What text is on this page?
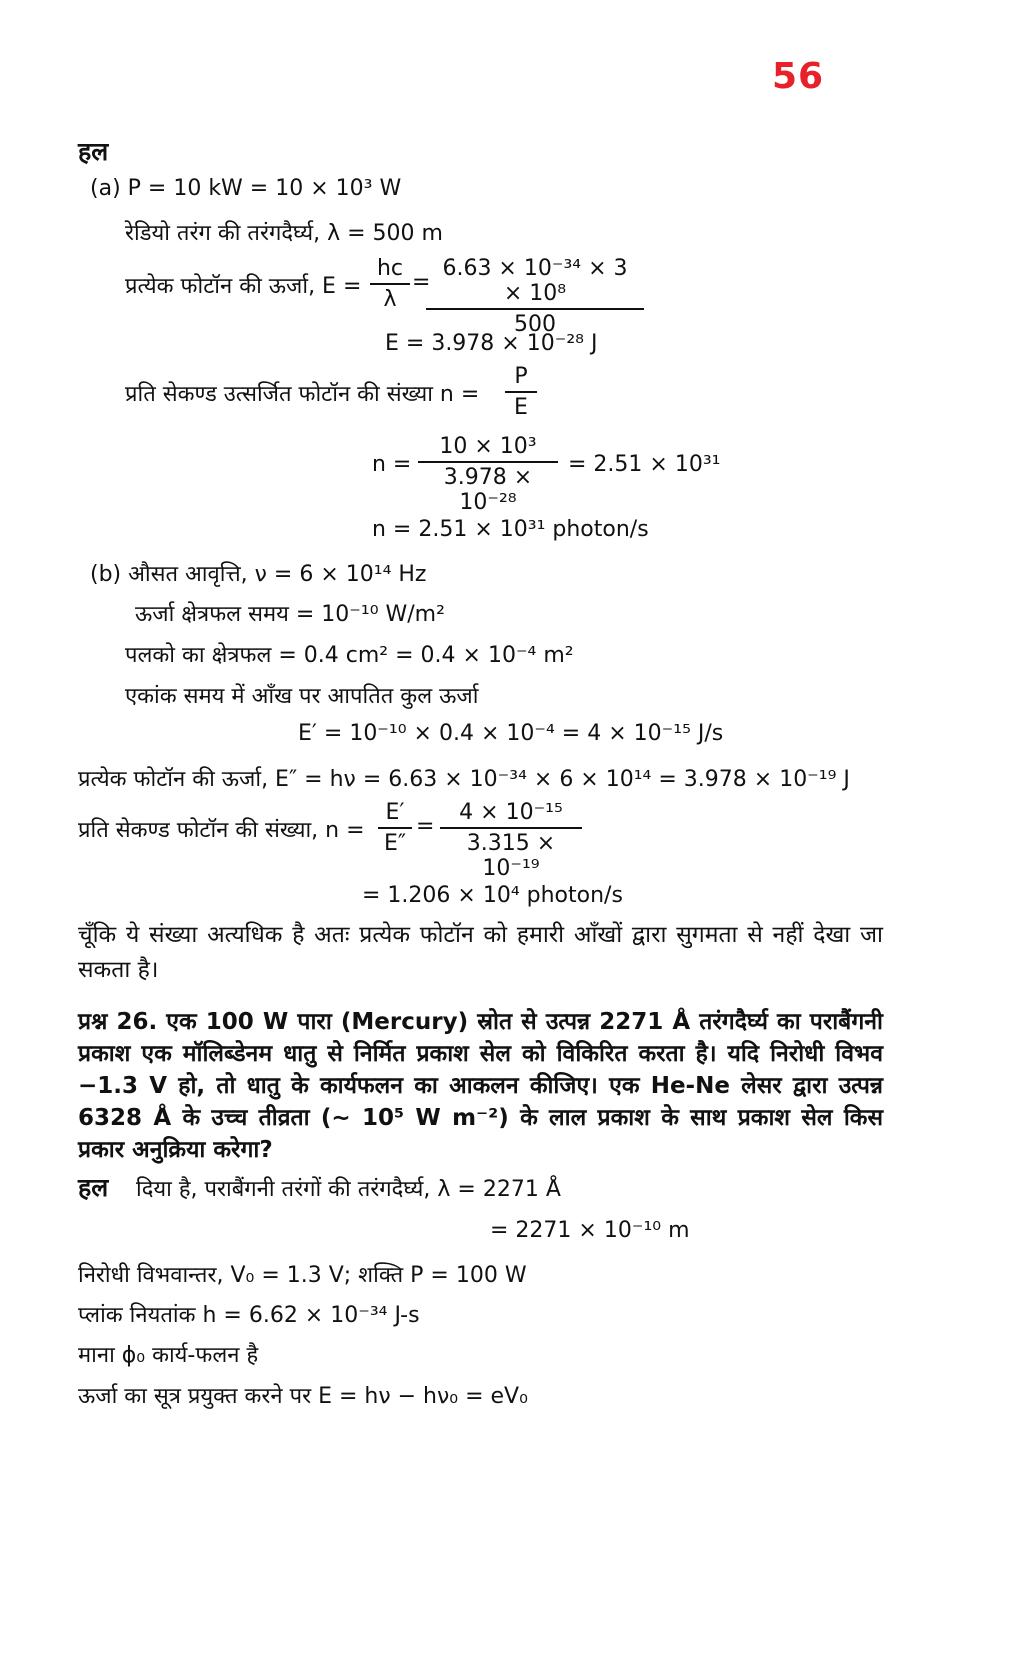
56
हल
(a) P = 10 kW = 10 × 10³ W
रेडियो तरंग की तरंगदैर्घ्य, λ = 500 m
प्रत्येक फोटॉन की ऊर्जा, $E = \frac{hc}{\lambda}$ =
$\frac{\text{6.63 × 10⁻³⁴ × 3 × 10⁸}}{500}$
E = 3.978 × 10⁻²⁸ J
प्रति सेकण्ड उत्सर्जित फोटॉन की संख्या $n = \frac{P}{E}$
$n = \frac{\text{10 × 10³}}{\text{3.978 × 10⁻²⁸}} = 2.51 \times 10^{31}$
n = 2.51 × 10³¹ photon/s
(b) औसत आवृत्ति, ν = 6 × 10¹⁴ Hz
ऊर्जा क्षेत्रफल समय = 10⁻¹⁰ W/m²
पलको का क्षेत्रफल = 0.4 cm² = 0.4 × 10⁻⁴ m²
एकांक समय में आँख पर आपतित कुल ऊर्जा
E′ = 10⁻¹⁰ × 0.4 × 10⁻⁴ = 4 × 10⁻¹⁵ J/s
प्रत्येक फोटॉन की ऊर्जा, E″ = hν = 6.63 × 10⁻³⁴ × 6 × 10¹⁴ = 3.978 × 10⁻¹⁹ J
प्रति सेकण्ड फोटॉन की संख्या, $n = \frac{E'}{E''} = \frac{\text{4 × 10⁻¹⁵}}{\text{3.315 × 10⁻¹⁹}}$
= 1.206 × 10⁴ photon/s
चूँकि ये संख्या अत्यधिक है अतः प्रत्येक फोटॉन को हमारी आँखों द्वारा सुगमता से नहीं देखा जा सकता है।
प्रश्न 26. एक 100 W पारा (Mercury) स्रोत से उत्पन्न 2271 Å तरंगदैर्घ्य का पराबैंगनी प्रकाश एक मॉलिब्डेनम धातु से निर्मित प्रकाश सेल को विकिरित करता है। यदि निरोधी विभव −1.3 V हो, तो धातु के कार्यफलन का आकलन कीजिए। एक He-Ne लेसर द्वारा उत्पन्न 6328 Å के उच्च तीव्रता (~ 10⁵ W m⁻²) के लाल प्रकाश के साथ प्रकाश सेल किस प्रकार अनुक्रिया करेगा?
हल दिया है, पराबैंगनी तरंगों की तरंगदैर्घ्य, λ = 2271 Å
= 2271 × 10⁻¹⁰ m
निरोधी विभवान्तर, V₀ = 1.3 V; शक्ति P = 100 W
प्लांक नियतांक h = 6.62 × 10⁻³⁴ J-s
माना ϕ₀ कार्य-फलन है
ऊर्जा का सूत्र प्रयुक्त करने पर E = hν − hν₀ = eV₀
